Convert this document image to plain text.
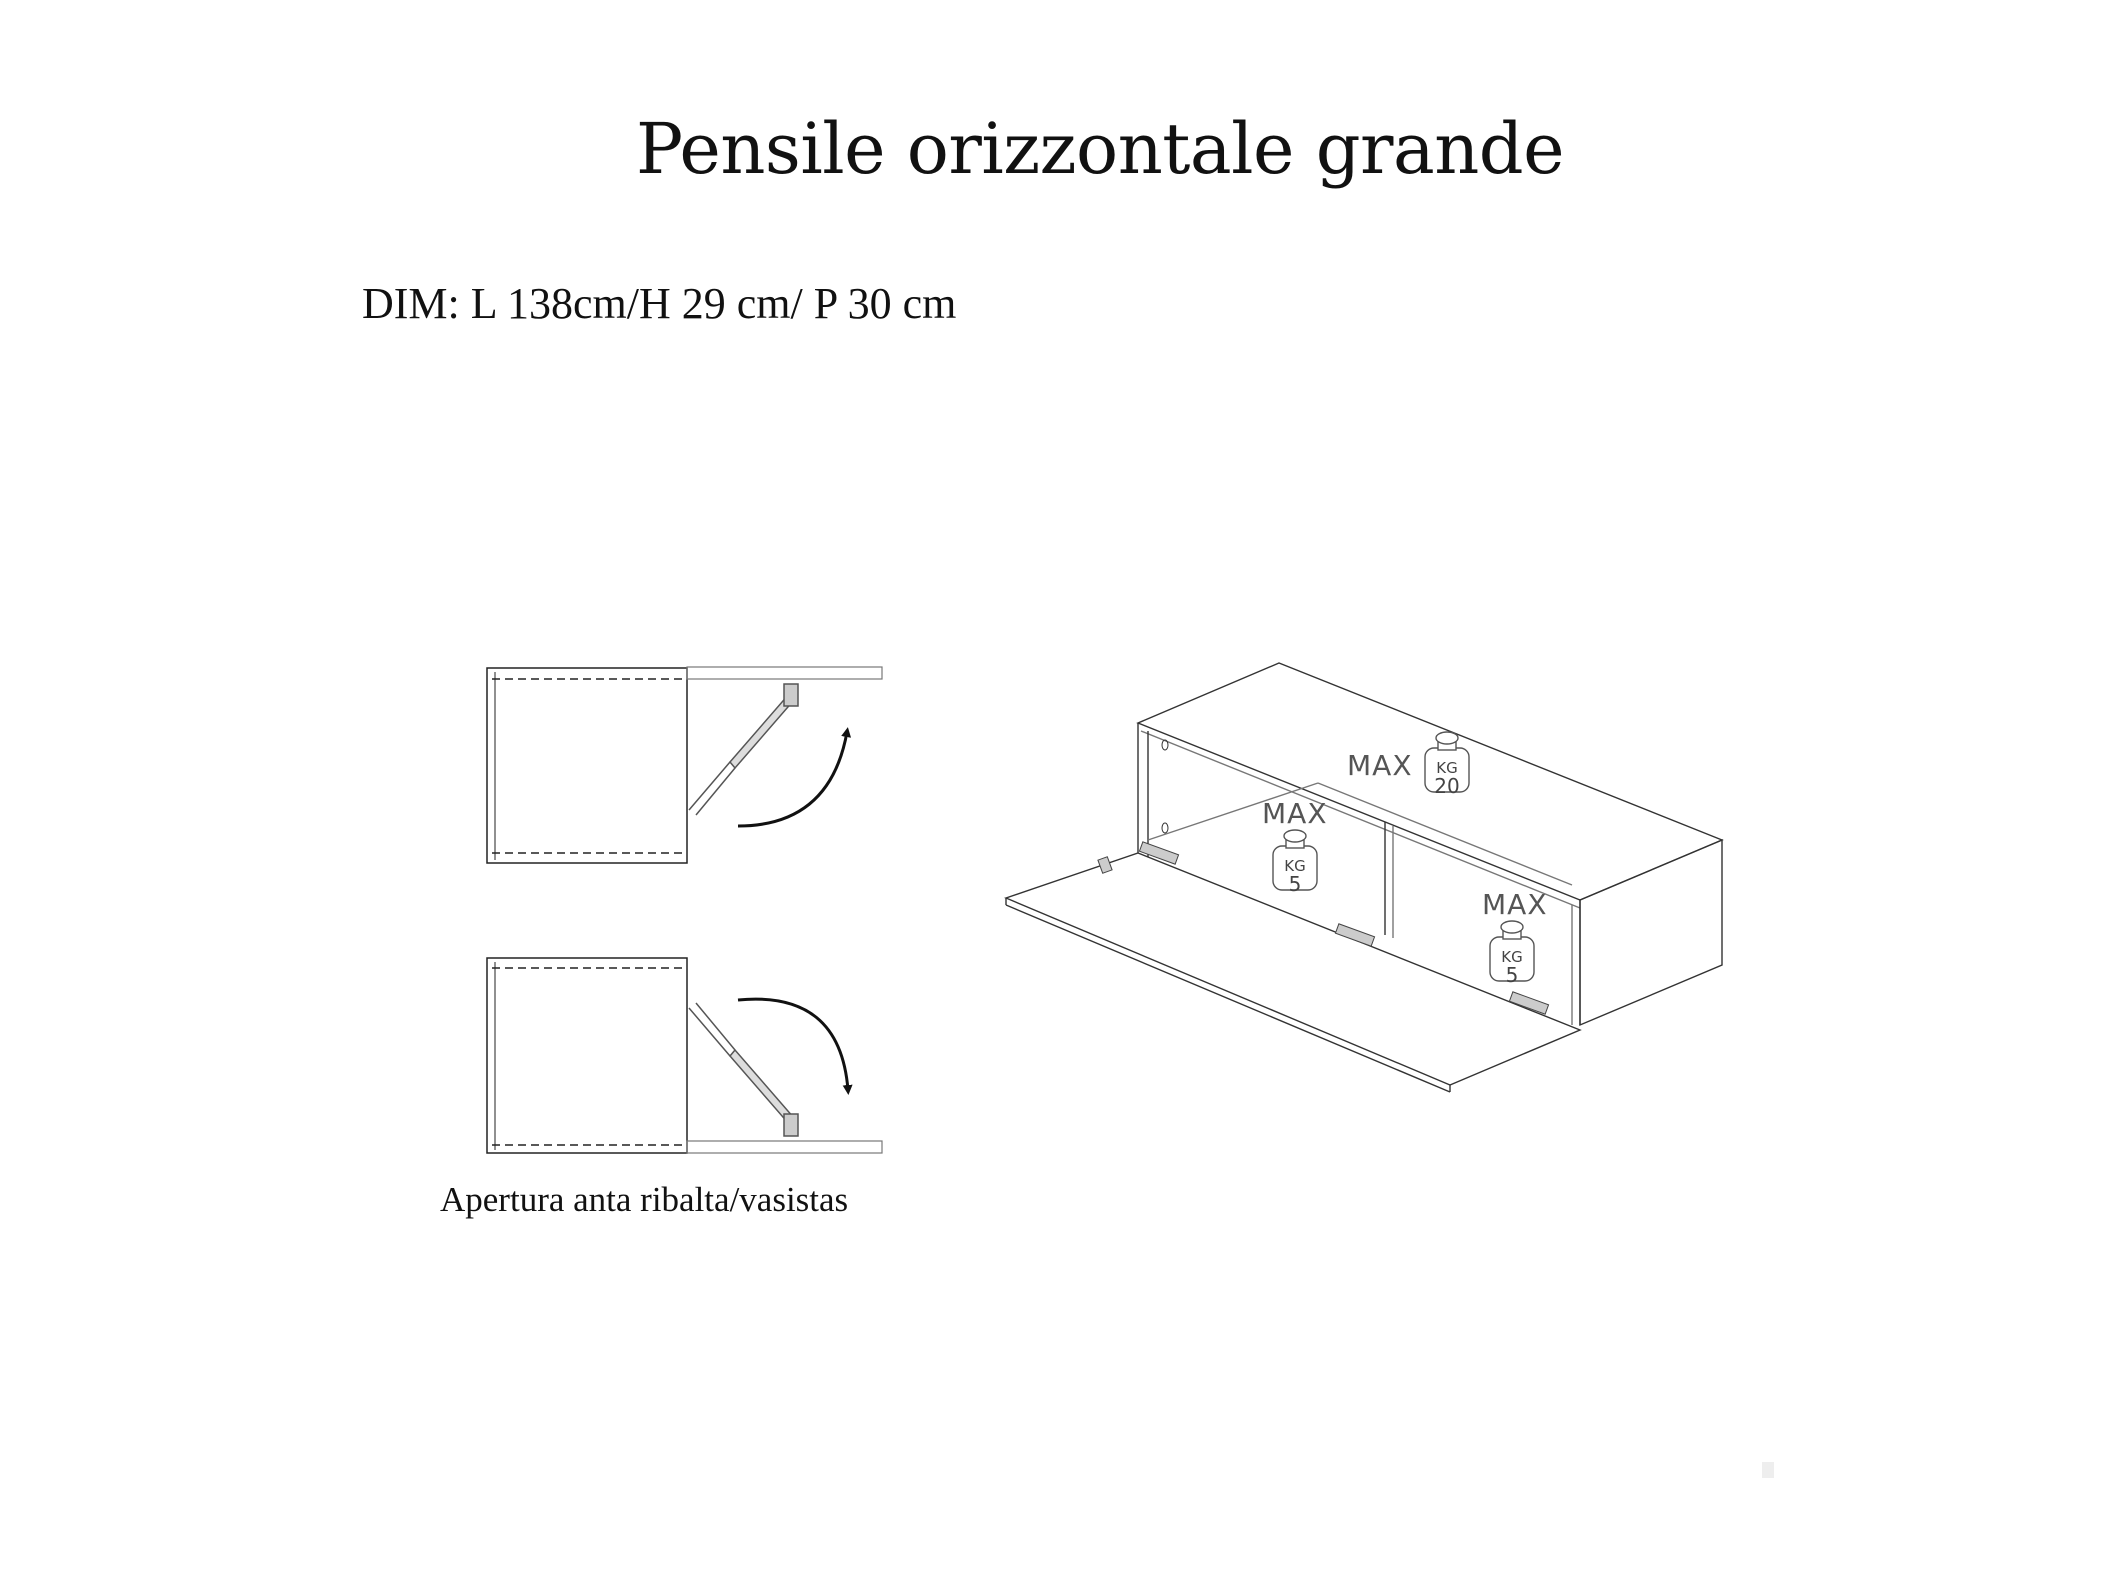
Pensile orizzontale grande
DIM: L 138cm/H 29 cm/ P 30 cm
Apertura anta ribalta/vasistas
MAX KG
20
MAX
KG
5
MAX
KG
5
